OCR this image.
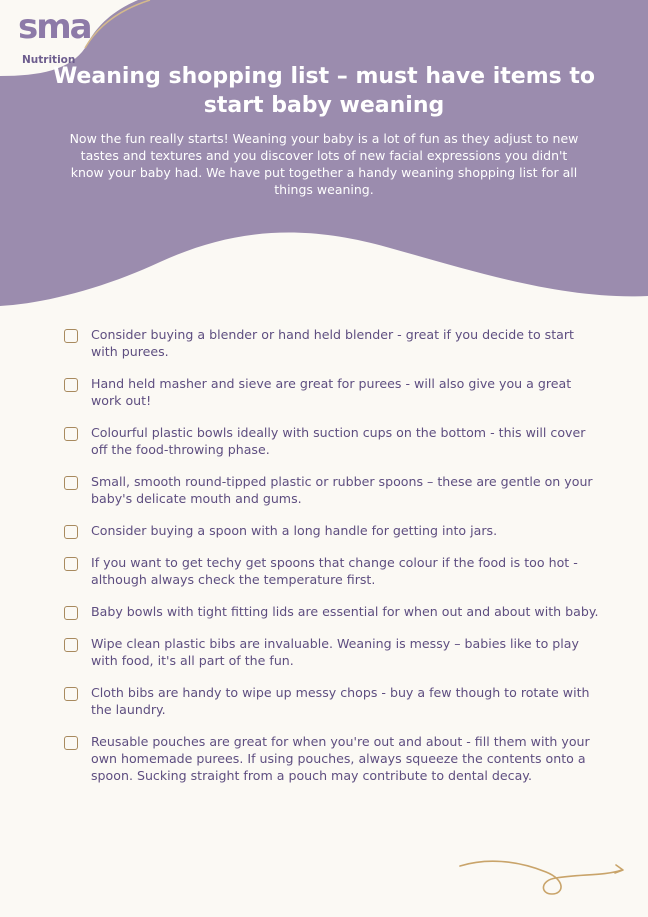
sma
Nutrition
Weaning shopping list – must have items to start baby weaning

Now the fun really starts! Weaning your baby is a lot of fun as they adjust to new tastes and textures and you discover lots of new facial expressions you didn't know your baby had. We have put together a handy weaning shopping list for all things weaning.

Consider buying a blender or hand held blender - great if you decide to start with purees.
Hand held masher and sieve are great for purees - will also give you a great work out!
Colourful plastic bowls ideally with suction cups on the bottom - this will cover off the food-throwing phase.
Small, smooth round-tipped plastic or rubber spoons – these are gentle on your baby's delicate mouth and gums.
Consider buying a spoon with a long handle for getting into jars.
If you want to get techy get spoons that change colour if the food is too hot - although always check the temperature first.
Baby bowls with tight fitting lids are essential for when out and about with baby.
Wipe clean plastic bibs are invaluable. Weaning is messy – babies like to play with food, it's all part of the fun.
Cloth bibs are handy to wipe up messy chops - buy a few though to rotate with the laundry.
Reusable pouches are great for when you're out and about - fill them with your own homemade purees. If using pouches, always squeeze the contents onto a spoon. Sucking straight from a pouch may contribute to dental decay.
